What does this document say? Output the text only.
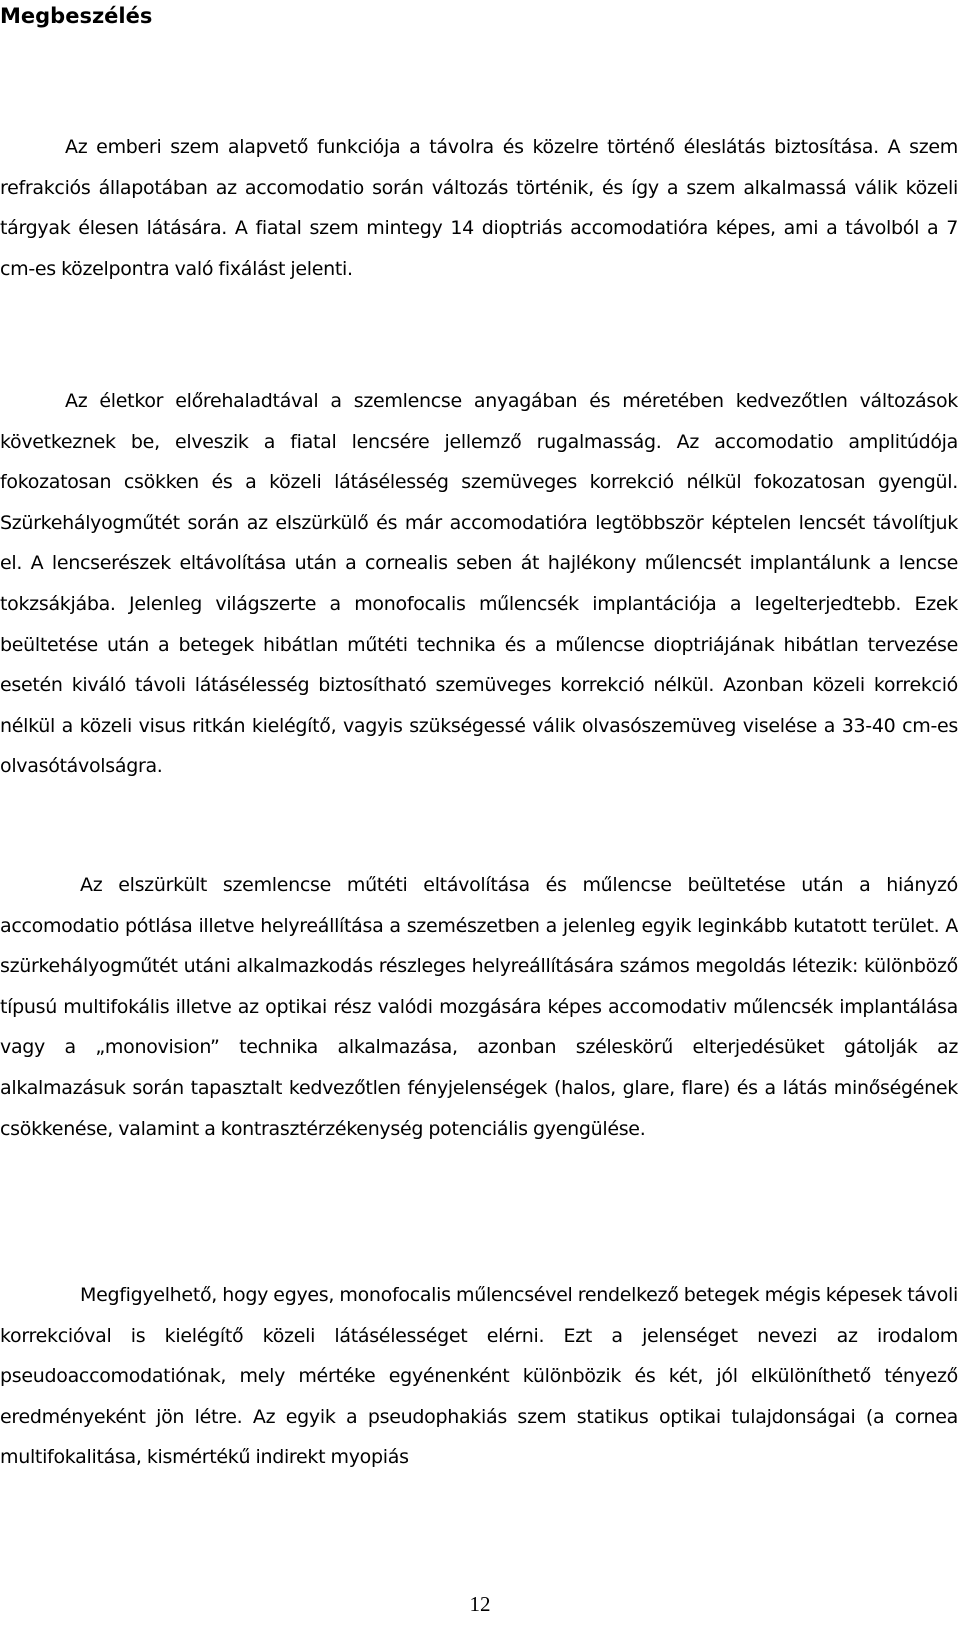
Megbeszélés

Az emberi szem alapvető funkciója a távolra és közelre történő éleslátás biztosítása. A szem refrakciós állapotában az accomodatio során változás történik, és így a szem alkalmassá válik közeli tárgyak élesen látására. A fiatal szem mintegy 14 dioptriás accomodatióra képes, ami a távolból a 7 cm-es közelpontra való fixálást jelenti.

Az életkor előrehaladtával a szemlencse anyagában és méretében kedvezőtlen változások következnek be, elveszik a fiatal lencsére jellemző rugalmasság. Az accomodatio amplitúdója fokozatosan csökken és a közeli látásélesség szemüveges korrekció nélkül fokozatosan gyengül. Szürkehályogműtét során az elszürkülő és már accomodatióra legtöbbször képtelen lencsét távolítjuk el. A lencserészek eltávolítása után a cornealis seben át hajlékony műlencsét implantálunk a lencse tokzsákjába. Jelenleg világszerte a monofocalis műlencsék implantációja a legelterjedtebb. Ezek beültetése után a betegek hibátlan műtéti technika és a műlencse dioptriájának hibátlan tervezése esetén kiváló távoli látásélesség biztosítható szemüveges korrekció nélkül. Azonban közeli korrekció nélkül a közeli visus ritkán kielégítő, vagyis szükségessé válik olvasószemüveg viselése a 33-40 cm-es olvasótávolságra.

Az elszürkült szemlencse műtéti eltávolítása és műlencse beültetése után a hiányzó accomodatio pótlása illetve helyreállítása a szemészetben a jelenleg egyik leginkább kutatott terület. A szürkehályogműtét utáni alkalmazkodás részleges helyreállítására számos megoldás létezik: különböző típusú multifokális illetve az optikai rész valódi mozgására képes accomodativ műlencsék implantálása vagy a „monovision” technika alkalmazása, azonban széleskörű elterjedésüket gátolják az alkalmazásuk során tapasztalt kedvezőtlen fényjelenségek (halos, glare, flare) és a látás minőségének csökkenése, valamint a kontrasztérzékenység potenciális gyengülése.

Megfigyelhető, hogy egyes, monofocalis műlencsével rendelkező betegek mégis képesek távoli korrekcióval is kielégítő közeli látásélességet elérni. Ezt a jelenséget nevezi az irodalom pseudoaccomodatiónak, mely mértéke egyénenként különbözik és két, jól elkülöníthető tényező eredményeként jön létre. Az egyik a pseudophakiás szem statikus optikai tulajdonságai (a cornea multifokalitása, kismértékű indirekt myopiás

12
